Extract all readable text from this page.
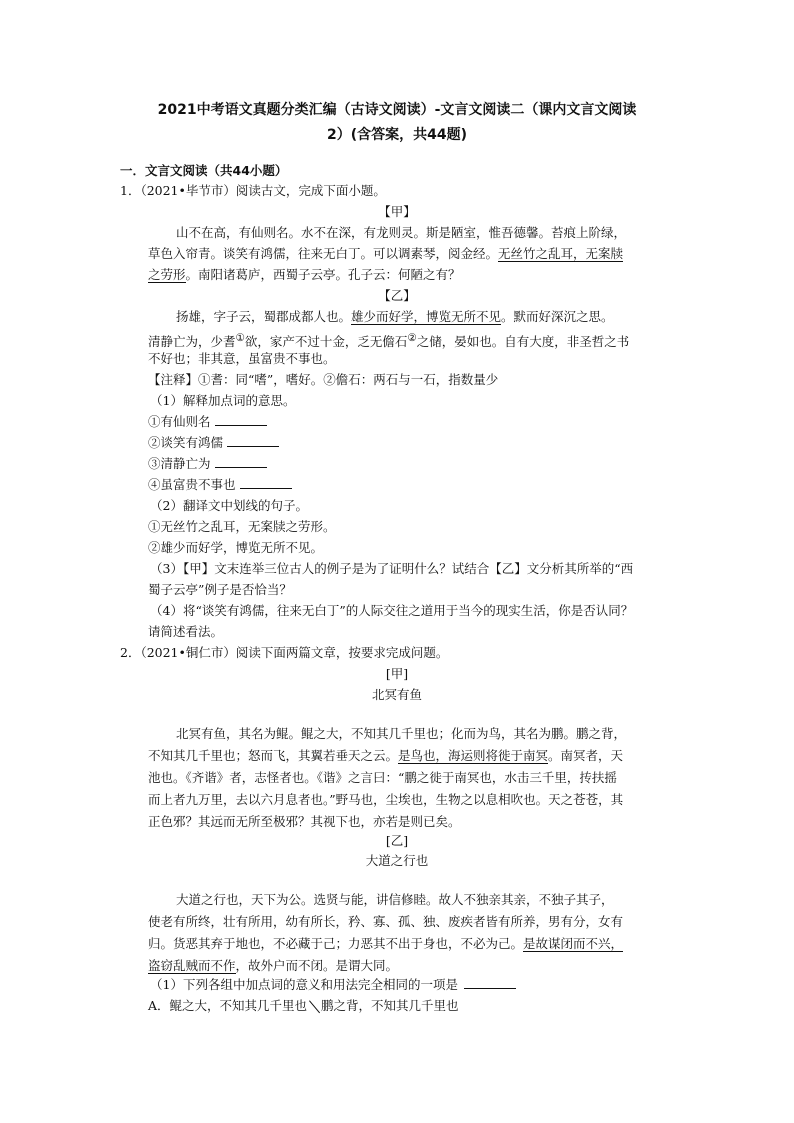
2021中考语文真题分类汇编（古诗文阅读）-文言文阅读二（课内文言文阅读
2）(含答案，共44题)
一．文言文阅读（共44小题）
1．（2021•毕节市）阅读古文，完成下面小题。
【甲】
山不在高，有仙则名。水不在深，有龙则灵。斯是陋室，惟吾德馨。苔痕上阶绿，
草色入帘青。谈笑有鸿儒，往来无白丁。可以调素琴，阅金经。无丝竹之乱耳，无案牍
之劳形。南阳诸葛庐，西蜀子云亭。孔子云：何陋之有？
【乙】
扬雄，字子云，蜀郡成都人也。雄少而好学，博览无所不见。默而好深沉之思。
清静亡为，少耆①欲，家产不过十金，乏无儋石②之储，晏如也。自有大度，非圣哲之书
不好也；非其意，虽富贵不事也。
【注释】①耆：同“嗜”，嗜好。②儋石：两石与一石，指数量少
（1）解释加点词的意思。
①有仙则名
②谈笑有鸿儒
③清静亡为
④虽富贵不事也
（2）翻译文中划线的句子。
①无丝竹之乱耳，无案牍之劳形。
②雄少而好学，博览无所不见。
（3）【甲】文末连举三位古人的例子是为了证明什么？试结合【乙】文分析其所举的“西
蜀子云亭”例子是否恰当？
（4）将“谈笑有鸿儒，往来无白丁”的人际交往之道用于当今的现实生活，你是否认同？
请简述看法。
2．（2021•铜仁市）阅读下面两篇文章，按要求完成问题。
[甲]
北冥有鱼
北冥有鱼，其名为鲲。鲲之大，不知其几千里也；化而为鸟，其名为鹏。鹏之背，
不知其几千里也；怒而飞，其翼若垂天之云。是鸟也，海运则将徙于南冥。南冥者，天
池也。《齐谐》者，志怪者也。《谐》之言曰：“鹏之徙于南冥也，水击三千里，抟扶摇
而上者九万里，去以六月息者也。”野马也，尘埃也，生物之以息相吹也。天之苍苍，其
正色邪？其远而无所至极邪？其视下也，亦若是则已矣。
[乙]
大道之行也
大道之行也，天下为公。选贤与能，讲信修睦。故人不独亲其亲，不独子其子，
使老有所终，壮有所用，幼有所长，矜、寡、孤、独、废疾者皆有所养，男有分，女有
归。货恶其弃于地也，不必藏于己；力恶其不出于身也，不必为己。是故谋闭而不兴，
盗窃乱贼而不作，故外户而不闭。是谓大同。
（1）下列各组中加点词的意义和用法完全相同的一项是
A．鲲之大，不知其几千里也 鹏之背，不知其几千里也
